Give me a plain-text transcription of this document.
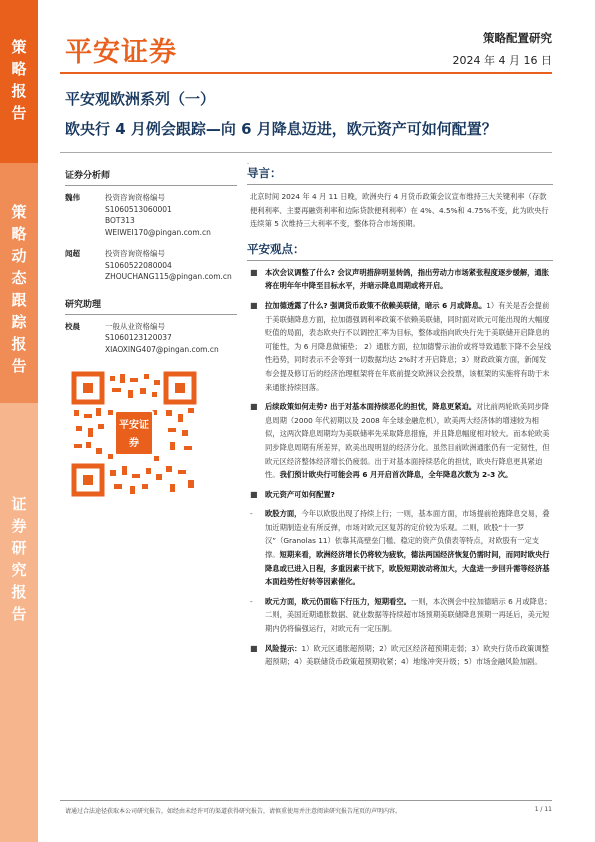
策略报告
策略动态跟踪报告
证券研究报告
平安证券	策略配置研究
2024 年 4 月 16 日
平安观欧洲系列（一）
欧央行 4 月例会跟踪—向 6 月降息迈进，欧元资产可如何配置？
证券分析师
魏伟	投资咨询资格编号
S1060513060001
BOT313
WEIWEI170@pingan.com.cn
闻超	投资咨询资格编号
S1060522080004
ZHOUCHANG115@pingan.com.cn
研究助理
校晨	一般从业资格编号
S1060123120037
XIAOXING407@pingan.com.cn
平安证券
-
导言：
北京时间 2024 年 4 月 11 日晚，欧洲央行 4 月货币政策会议宣布维持三大关键利率（存款便利利率、主要再融资利率和边际贷款便利利率）在 4%、4.5%和 4.75%不变，此为欧央行连续第 5 次维持三大利率不变，整体符合市场预期。
平安观点：
■ 本次会议调整了什么? 会议声明措辞明显转鸽，指出劳动力市场紧张程度逐步缓解，通胀将在明年年中降至目标水平，并暗示降息周期或将开启。
■ 拉加德透露了什么? 强调货币政策不依赖美联储，暗示 6 月或降息。1）有关是否会提前于美联储降息方面，拉加德强调利率政策不依赖美联储，同时面对欧元可能出现的大幅度贬值的局面，表态欧央行不以调控汇率为目标，整体或指向欧央行先于美联储开启降息的可能性，为 6 月降息做铺垫； 2）通胀方面，拉加德警示油价或将导致通胀下降不会呈线性趋势，同时表示不会等到一切数据均达 2%时才开启降息；3）财政政策方面，新闻发布会提及修订后的经济治理框架将在年底前提交欧洲议会投票，该框架的实施将有助于未来通胀持续回落。
■ 后续政策如何走势? 出于对基本面持续恶化的担忧，降息更紧迫。对比前两轮欧美同步降息周期（2000 年代初期以及 2008 年全球金融危机），欧美两大经济体的增速较为相似，这两次降息周期均为美联储率先采取降息措施，并且降息幅度相对较大。而本轮欧美同步降息周期有所差异，欧美出现明显的经济分化。虽然目前欧洲通胀仍有一定韧性，但欧元区经济整体经济增长仍疲弱。出于对基本面持续恶化的担忧，欧央行降息更具紧迫性。我们预计欧央行可能会再 6 月开启首次降息，全年降息次数为 2-3 次。
■ 欧元资产可如何配置?
- 欧股方面，今年以欧股出现了持续上行；一则，基本面方面，市场提前抢跑降息交易，叠加近期制造业有所反弹，市场对欧元区复苏的定价较为乐观。二则，欧股“十一罗汉”（Granolas 11）依靠其高壁垒门槛、稳定的资产负债表等特点，对欧股有一定支撑。短期来看，欧洲经济增长仍将较为疲软，德法两国经济恢复仍需时间，而同时欧央行降息或已进入日程，多重因素干扰下，欧股短期波动将加大，大盘进一步回升需等经济基本面趋势性好转等因素催化。
- 欧元方面，欧元仍面临下行压力，短期看空。一则，本次例会中拉加德暗示 6 月或降息；二则，美国近期通胀数据、就业数据等持续超市场预期美联储降息预期一再延后，美元短期内仍将偏强运行，对欧元有一定压制。
■ 风险提示：1）欧元区通胀超预期；2）欧元区经济超预期走弱；3）欧央行货币政策调整超预期；4）美联储货币政策超预期收紧；4）地缘冲突升级；5）市场金融风险加剧。
请通过合法途径获取本公司研究报告，如经由未经许可的渠道获得研究报告，请慎重使用并注意阅读研究报告尾页的声明内容。	1 / 11
